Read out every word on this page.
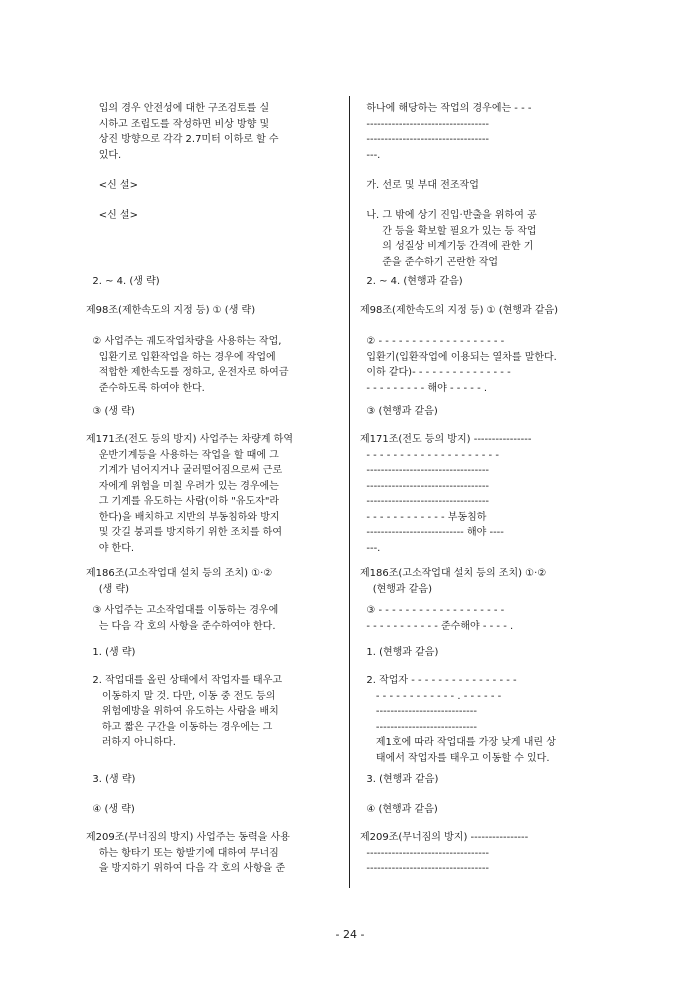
입의 경우 안전성에 대한 구조검토를 실
시하고 조립도를 작성하면 비상 방향 및
상진 방향으로 각각 2.7미터 이하로 할 수
있다.
<신 설>
<신 설>
2. ~ 4. (생 략)
제98조(제한속도의 지정 등) ① (생 략)
② 사업주는 궤도작업차량을 사용하는 작업,
입환기로 입환작업을 하는 경우에 작업에
적합한 제한속도를 정하고, 운전자로 하여금
준수하도록 하여야 한다.
③ (생 략)
제171조(전도 등의 방지) 사업주는 차량계 하역
운반기계등을 사용하는 작업을 할 때에 그
기계가 넘어지거나 굴러떨어짐으로써 근로
자에게 위험을 미칠 우려가 있는 경우에는
그 기계를 유도하는 사람(이하 "유도자"라
한다)을 배치하고 지반의 부동침하와 방지
및 갓길 붕괴를 방지하기 위한 조치를 하여
야 한다.
제186조(고소작업대 설치 등의 조치) ①·②
(생 략)
③ 사업주는 고소작업대를 이동하는 경우에
는 다음 각 호의 사항을 준수하여야 한다.
1. (생 략)
2. 작업대를 올린 상태에서 작업자를 태우고
이동하지 말 것. 다만, 이동 중 전도 등의
위험예방을 위하여 유도하는 사람을 배치
하고 짧은 구간을 이동하는 경우에는 그
러하지 아니하다.
3. (생 략)
④ (생 략)
제209조(무너짐의 방지) 사업주는 동력을 사용
하는 항타기 또는 항발기에 대하여 무너짐
을 방지하기 위하여 다음 각 호의 사항을 준
하나에 해당하는 작업의 경우에는 - - -
----------------------------------
----------------------------------
---.
가. 선로 및 부대 전조작업
나. 그 밖에 상기 진입·반출을 위하여 공
간 등을 확보할 필요가 있는 등 작업
의 성질상 비계기둥 간격에 관한 기
준을 준수하기 곤란한 작업
2. ~ 4. (현행과 같음)
제98조(제한속도의 지정 등) ① (현행과 같음)
② - - - - - - - - - - - - - - - - - - -
입환기(입환작업에 이용되는 열차를 말한다.
이하 같다)- - - - - - - - - - - - - - -
- - - - - - - - - 해야 - - - - - .
③ (현행과 같음)
제171조(전도 등의 방지) ----------------
- - - - - - - - - - - - - - - - - - - -
----------------------------------
----------------------------------
----------------------------------
- - - - - - - - - - - - 부동침하
--------------------------- 해야 ----
---.
제186조(고소작업대 설치 등의 조치) ①·②
(현행과 같음)
③ - - - - - - - - - - - - - - - - - - -
- - - - - - - - - - - 준수해야 - - - - .
1. (현행과 같음)
2. 작업자 - - - - - - - - - - - - - - - -
- - - - - - - - - - - - . - - - - - -
----------------------------
----------------------------
제1호에 따라 작업대를 가장 낮게 내린 상
태에서 작업자를 태우고 이동할 수 있다.
3. (현행과 같음)
④ (현행과 같음)
제209조(무너짐의 방지) ----------------
----------------------------------
----------------------------------
- 24 -
